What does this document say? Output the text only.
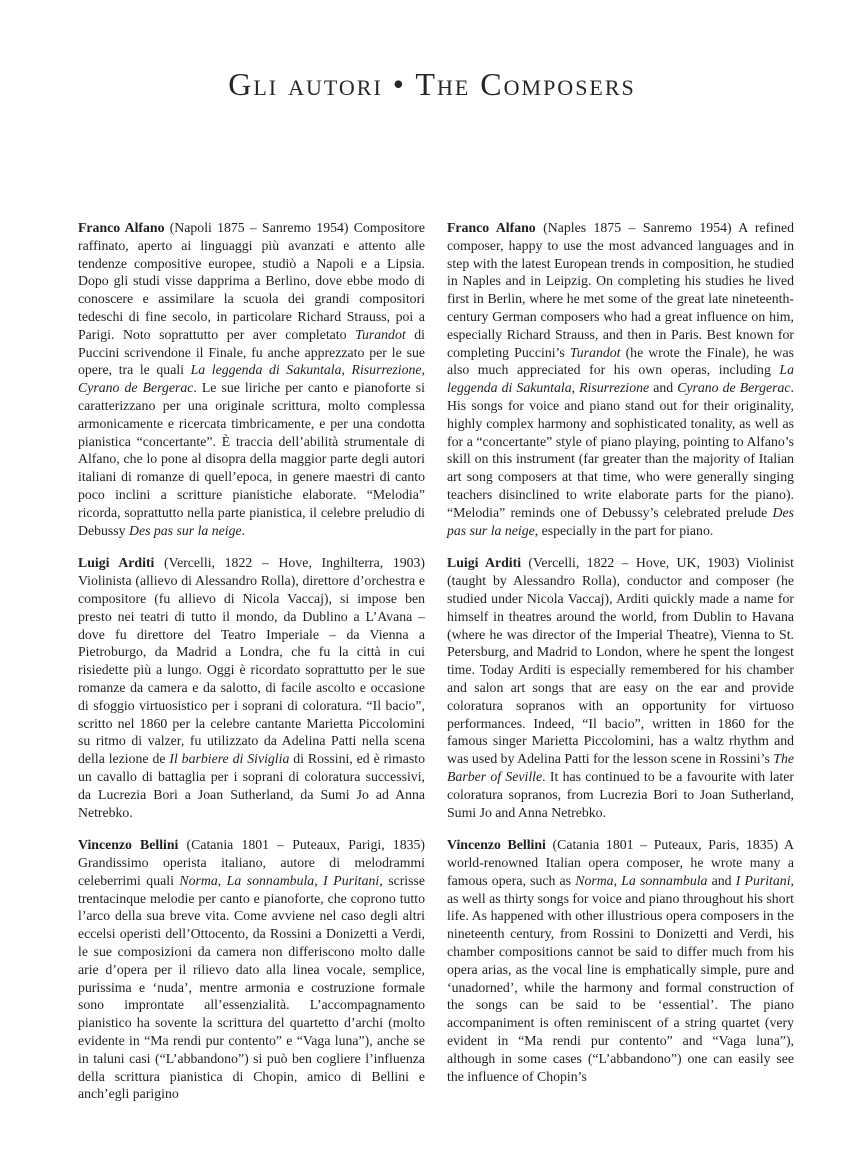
Gli autori • The Composers

Franco Alfano (Napoli 1875 – Sanremo 1954) Compositore raffinato, aperto ai linguaggi più avanzati e attento alle tendenze compositive europee, studiò a Napoli e a Lipsia. Dopo gli studi visse dapprima a Berlino, dove ebbe modo di conoscere e assimilare la scuola dei grandi compositori tedeschi di fine secolo, in particolare Richard Strauss, poi a Parigi. Noto soprattutto per aver completato Turandot di Puccini scrivendone il Finale, fu anche apprezzato per le sue opere, tra le quali La leggenda di Sakuntala, Risurrezione, Cyrano de Bergerac. Le sue liriche per canto e pianoforte si caratterizzano per una originale scrittura, molto complessa armonicamente e ricercata timbricamente, e per una condotta pianistica “concertante”. È traccia dell’abilità strumentale di Alfano, che lo pone al disopra della maggior parte degli autori italiani di romanze di quell’epoca, in genere maestri di canto poco inclini a scritture pianistiche elaborate. “Melodia” ricorda, soprattutto nella parte pianistica, il celebre preludio di Debussy Des pas sur la neige.

Luigi Arditi (Vercelli, 1822 – Hove, Inghilterra, 1903) Violinista (allievo di Alessandro Rolla), direttore d’orchestra e compositore (fu allievo di Nicola Vaccaj), si impose ben presto nei teatri di tutto il mondo, da Dublino a L’Avana – dove fu direttore del Teatro Imperiale – da Vienna a Pietroburgo, da Madrid a Londra, che fu la città in cui risiedette più a lungo. Oggi è ricordato soprattutto per le sue romanze da camera e da salotto, di facile ascolto e occasione di sfoggio virtuosistico per i soprani di coloratura. “Il bacio”, scritto nel 1860 per la celebre cantante Marietta Piccolomini su ritmo di valzer, fu utilizzato da Adelina Patti nella scena della lezione de Il barbiere di Siviglia di Rossini, ed è rimasto un cavallo di battaglia per i soprani di coloratura successivi, da Lucrezia Bori a Joan Sutherland, da Sumi Jo ad Anna Netrebko.

Vincenzo Bellini (Catania 1801 – Puteaux, Parigi, 1835) Grandissimo operista italiano, autore di melodrammi celeberrimi quali Norma, La sonnambula, I Puritani, scrisse trentacinque melodie per canto e pianoforte, che coprono tutto l’arco della sua breve vita. Come avviene nel caso degli altri eccelsi operisti dell’Ottocento, da Rossini a Donizetti a Verdi, le sue composizioni da camera non differiscono molto dalle arie d’opera per il rilievo dato alla linea vocale, semplice, purissima e ‘nuda’, mentre armonia e costruzione formale sono improntate all’essenzialità. L’accompagnamento pianistico ha sovente la scrittura del quartetto d’archi (molto evidente in “Ma rendi pur contento” e “Vaga luna”), anche se in taluni casi (“L’abbandono”) si può ben cogliere l’influenza della scrittura pianistica di Chopin, amico di Bellini e anch’egli parigino

Franco Alfano (Naples 1875 – Sanremo 1954) A refined composer, happy to use the most advanced languages and in step with the latest European trends in composition, he studied in Naples and in Leipzig. On completing his studies he lived first in Berlin, where he met some of the great late nineteenth-century German composers who had a great influence on him, especially Richard Strauss, and then in Paris. Best known for completing Puccini’s Turandot (he wrote the Finale), he was also much appreciated for his own operas, including La leggenda di Sakuntala, Risurrezione and Cyrano de Bergerac. His songs for voice and piano stand out for their originality, highly complex harmony and sophisticated tonality, as well as for a “concertante” style of piano playing, pointing to Alfano’s skill on this instrument (far greater than the majority of Italian art song composers at that time, who were generally singing teachers disinclined to write elaborate parts for the piano). “Melodia” reminds one of Debussy’s celebrated prelude Des pas sur la neige, especially in the part for piano.

Luigi Arditi (Vercelli, 1822 – Hove, UK, 1903) Violinist (taught by Alessandro Rolla), conductor and composer (he studied under Nicola Vaccaj), Arditi quickly made a name for himself in theatres around the world, from Dublin to Havana (where he was director of the Imperial Theatre), Vienna to St. Petersburg, and Madrid to London, where he spent the longest time. Today Arditi is especially remembered for his chamber and salon art songs that are easy on the ear and provide coloratura sopranos with an opportunity for virtuoso performances. Indeed, “Il bacio”, written in 1860 for the famous singer Marietta Piccolomini, has a waltz rhythm and was used by Adelina Patti for the lesson scene in Rossini’s The Barber of Seville. It has continued to be a favourite with later coloratura sopranos, from Lucrezia Bori to Joan Sutherland, Sumi Jo and Anna Netrebko.

Vincenzo Bellini (Catania 1801 – Puteaux, Paris, 1835) A world-renowned Italian opera composer, he wrote many a famous opera, such as Norma, La sonnambula and I Puritani, as well as thirty songs for voice and piano throughout his short life. As happened with other illustrious opera composers in the nineteenth century, from Rossini to Donizetti and Verdi, his chamber compositions cannot be said to differ much from his opera arias, as the vocal line is emphatically simple, pure and ‘unadorned’, while the harmony and formal construction of the songs can be said to be ‘essential’. The piano accompaniment is often reminiscent of a string quartet (very evident in “Ma rendi pur contento” and “Vaga luna”), although in some cases (“L’abbandono”) one can easily see the influence of Chopin’s
